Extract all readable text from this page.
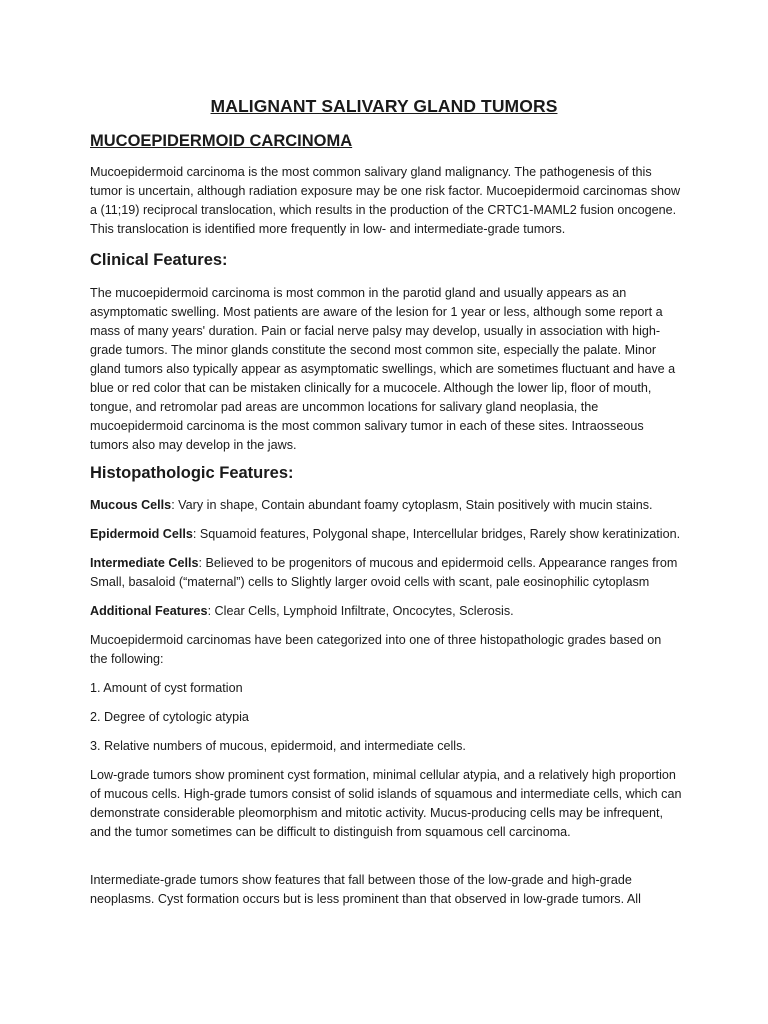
MALIGNANT SALIVARY GLAND TUMORS
MUCOEPIDERMOID CARCINOMA

Mucoepidermoid carcinoma is the most common salivary gland malignancy. The pathogenesis of this tumor is uncertain, although radiation exposure may be one risk factor. Mucoepidermoid carcinomas show a (11;19) reciprocal translocation, which results in the production of the CRTC1-MAML2 fusion oncogene. This translocation is identified more frequently in low- and intermediate-grade tumors.

Clinical Features:

The mucoepidermoid carcinoma is most common in the parotid gland and usually appears as an asymptomatic swelling. Most patients are aware of the lesion for 1 year or less, although some report a mass of many years' duration. Pain or facial nerve palsy may develop, usually in association with high-grade tumors. The minor glands constitute the second most common site, especially the palate. Minor gland tumors also typically appear as asymptomatic swellings, which are sometimes fluctuant and have a blue or red color that can be mistaken clinically for a mucocele. Although the lower lip, floor of mouth, tongue, and retromolar pad areas are uncommon locations for salivary gland neoplasia, the mucoepidermoid carcinoma is the most common salivary tumor in each of these sites. Intraosseous tumors also may develop in the jaws.

Histopathologic Features:

Mucous Cells: Vary in shape, Contain abundant foamy cytoplasm, Stain positively with mucin stains.

Epidermoid Cells: Squamoid features, Polygonal shape, Intercellular bridges, Rarely show keratinization.

Intermediate Cells: Believed to be progenitors of mucous and epidermoid cells. Appearance ranges from Small, basaloid (“maternal”) cells to Slightly larger ovoid cells with scant, pale eosinophilic cytoplasm

Additional Features: Clear Cells, Lymphoid Infiltrate, Oncocytes, Sclerosis.

Mucoepidermoid carcinomas have been categorized into one of three histopathologic grades based on the following:

1. Amount of cyst formation

2. Degree of cytologic atypia

3. Relative numbers of mucous, epidermoid, and intermediate cells.

Low-grade tumors show prominent cyst formation, minimal cellular atypia, and a relatively high proportion of mucous cells. High-grade tumors consist of solid islands of squamous and intermediate cells, which can demonstrate considerable pleomorphism and mitotic activity. Mucus-producing cells may be infrequent, and the tumor sometimes can be difficult to distinguish from squamous cell carcinoma.

Intermediate-grade tumors show features that fall between those of the low-grade and high-grade neoplasms. Cyst formation occurs but is less prominent than that observed in low-grade tumors. All
